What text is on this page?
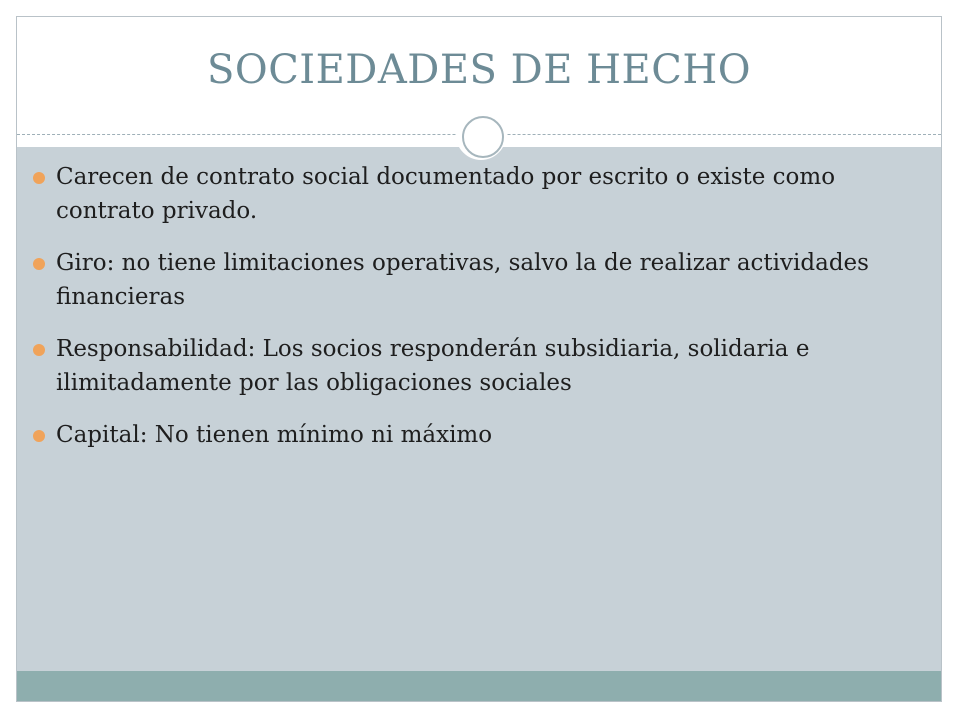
SOCIEDADES DE HECHO
Carecen de contrato social documentado por escrito o existe como contrato privado.
Giro: no tiene limitaciones operativas, salvo la de realizar actividades financieras
Responsabilidad: Los socios responderán subsidiaria, solidaria e ilimitadamente por las obligaciones sociales
Capital: No tienen mínimo ni máximo
